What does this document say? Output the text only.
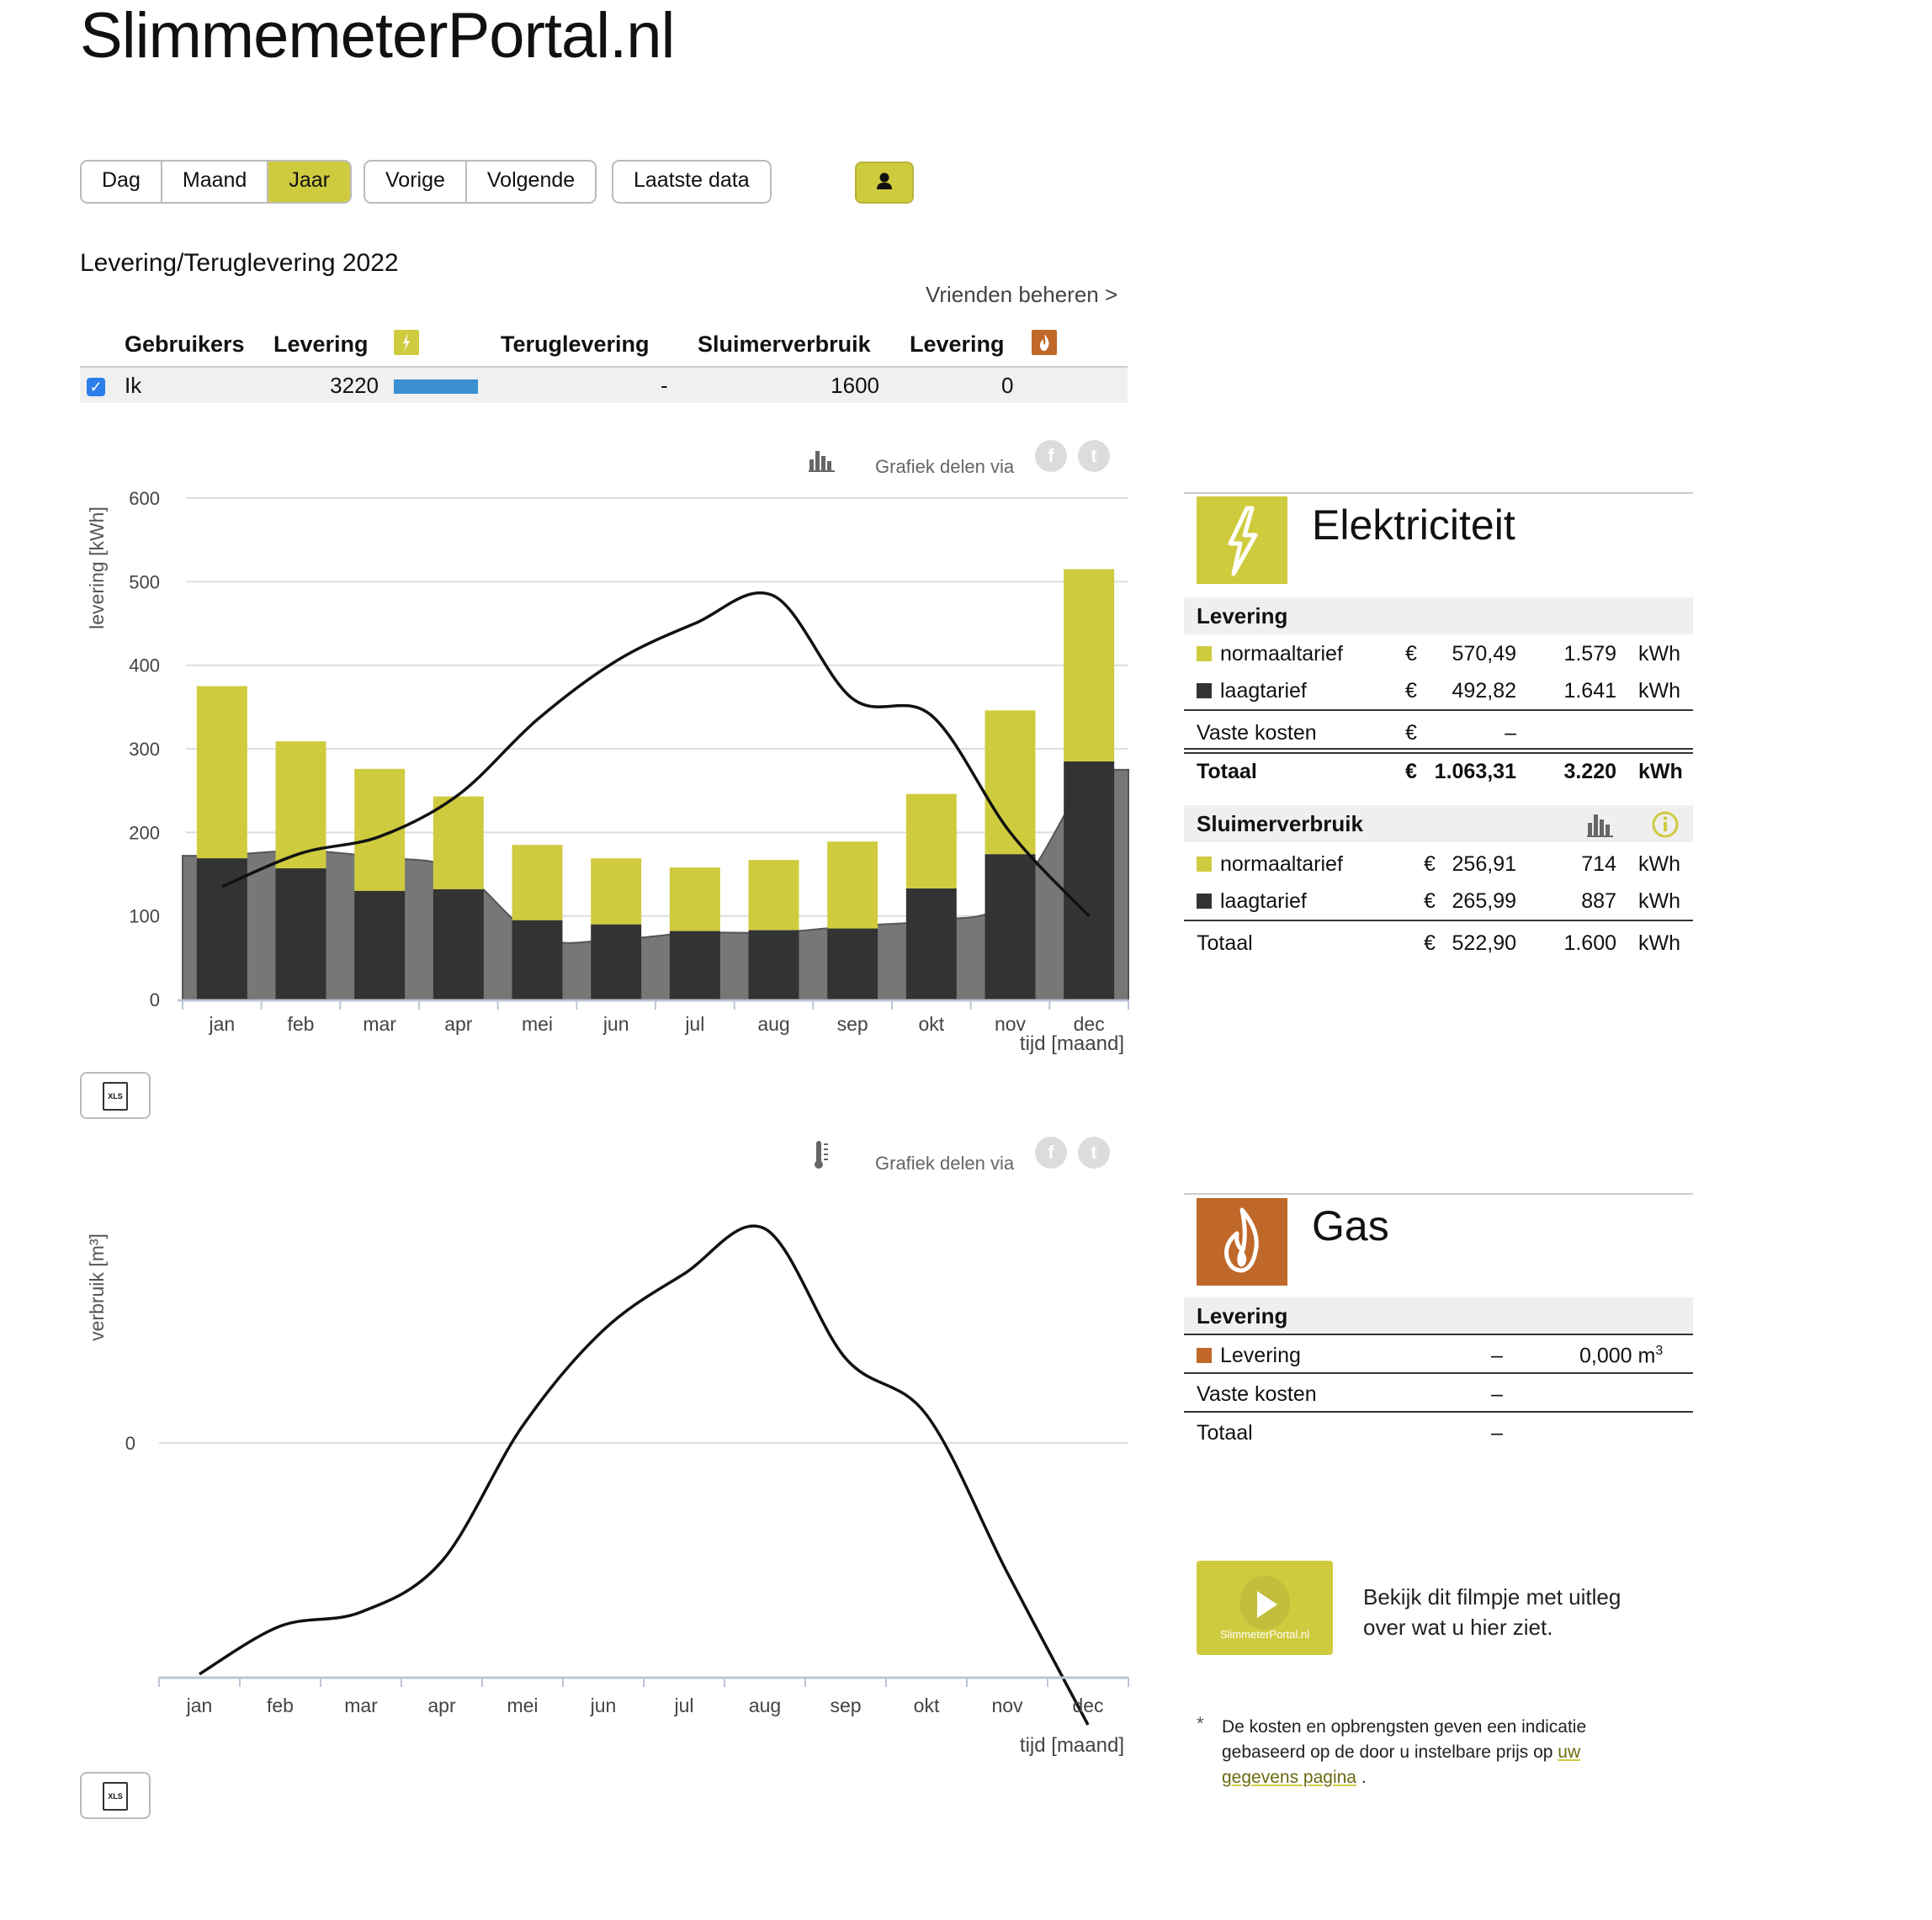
SlimmemeterPortal.nl
Dag	Maand	Jaar	Vorige	Volgende	Laatste data
Levering/Teruglevering 2022
Vrienden beheren >
Gebruikers Levering	Teruglevering Sluimerverbruik Levering
✓ Ik	3220	-	1600	0
Grafiek delen via
f	t
0
100
200
300
400
500
600
jan	feb	mar apr	mei	jun	jul	aug sep	okt	nov dec
levering [kWh]
tijd [maand]
XLS
Grafiek delen via
f	t
0
jan	feb	mar	apr	mei	jun	jul	aug	sep	okt	nov	dec
verbruik [m³]
tijd [maand]
XLS
Elektriciteit
Levering
normaaltarief	€	570,49	1.579 kWh
laagtarief	€	492,82	1.641 kWh
Vaste kosten	€	–
Totaal	€ 1.063,31	3.220 kWh
Sluimerverbruik
normaaltarief	€ 256,91	714 kWh
laagtarief	€ 265,99	887 kWh
Totaal	€ 522,90	1.600 kWh
Gas
Levering
Levering	–	0,000 $m^3$
Vaste kosten	–
Totaal	–
SlimmeterPortal.nl
Bekijk dit filmpje met uitleg
over wat u hier ziet.
* De kosten en opbrengsten geven een indicatie gebaseerd op de door u instelbare prijs op uw gegevens pagina .
